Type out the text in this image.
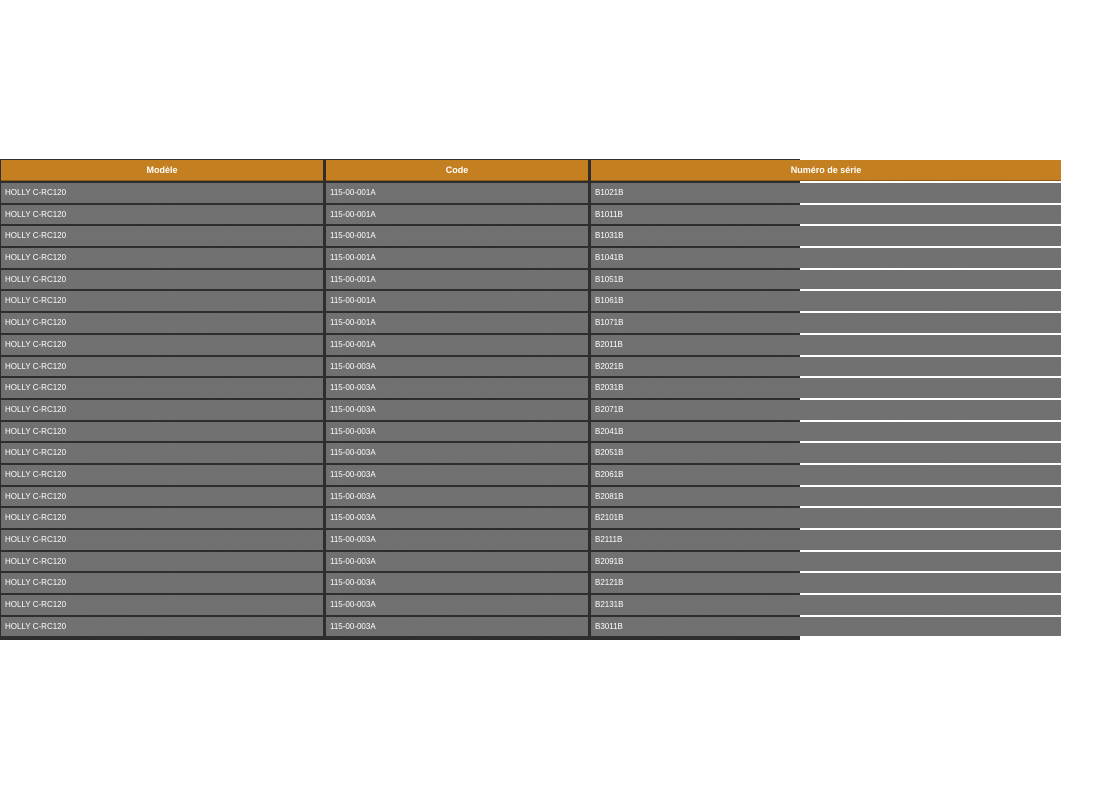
Modèle	Code	Numéro de série
HOLLY C-RC120	115-00-001A	B1021B
HOLLY C-RC120	115-00-001A	B1011B
HOLLY C-RC120	115-00-001A	B1031B
HOLLY C-RC120	115-00-001A	B1041B
HOLLY C-RC120	115-00-001A	B1051B
HOLLY C-RC120	115-00-001A	B1061B
HOLLY C-RC120	115-00-001A	B1071B
HOLLY C-RC120	115-00-001A	B2011B
HOLLY C-RC120	115-00-003A	B2021B
HOLLY C-RC120	115-00-003A	B2031B
HOLLY C-RC120	115-00-003A	B2071B
HOLLY C-RC120	115-00-003A	B2041B
HOLLY C-RC120	115-00-003A	B2051B
HOLLY C-RC120	115-00-003A	B2061B
HOLLY C-RC120	115-00-003A	B2081B
HOLLY C-RC120	115-00-003A	B2101B
HOLLY C-RC120	115-00-003A	B2111B
HOLLY C-RC120	115-00-003A	B2091B
HOLLY C-RC120	115-00-003A	B2121B
HOLLY C-RC120	115-00-003A	B2131B
HOLLY C-RC120	115-00-003A	B3011B
